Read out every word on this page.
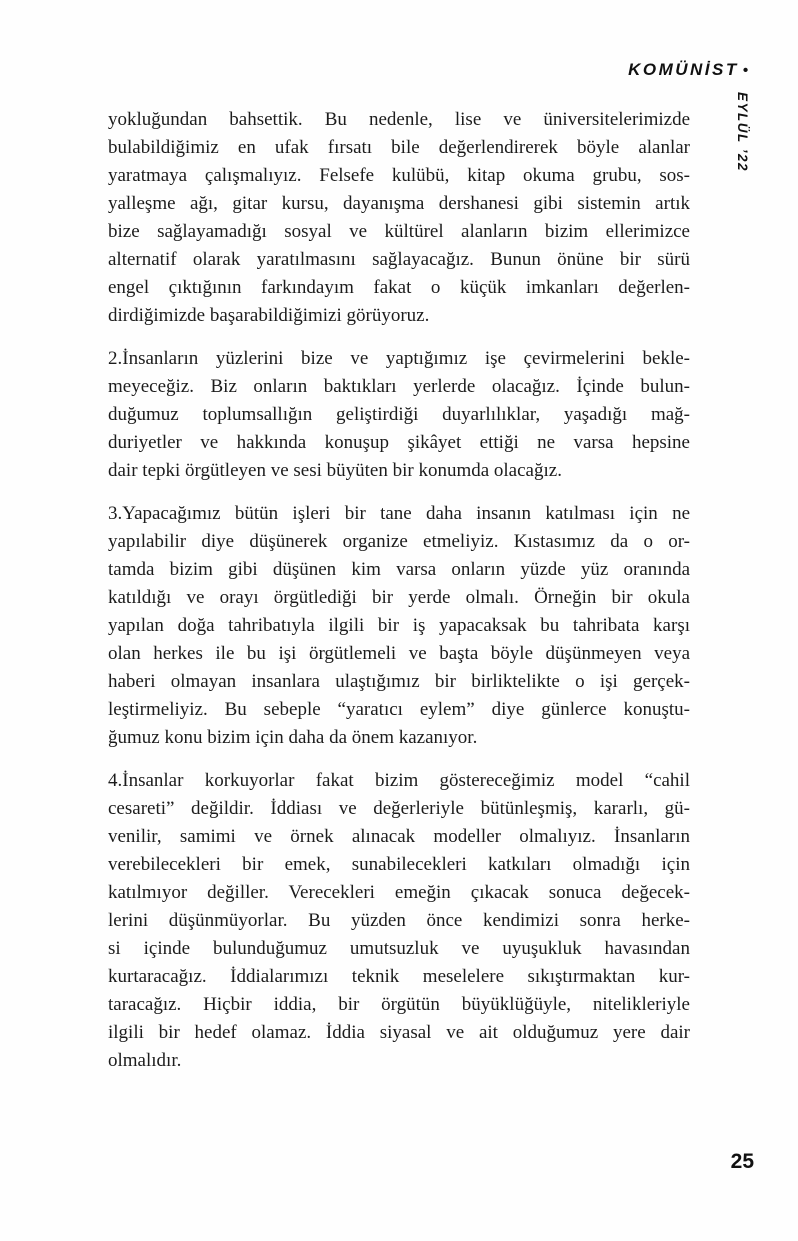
KOMÜNİST •
EYLÜL ’22
yokluğundan bahsettik. Bu nedenle, lise ve üniversitelerimizde
bulabildiğimiz en ufak fırsatı bile değerlendirerek böyle alanlar
yaratmaya çalışmalıyız. Felsefe kulübü, kitap okuma grubu, sos-
yalleşme ağı, gitar kursu, dayanışma dershanesi gibi sistemin artık
bize sağlayamadığı sosyal ve kültürel alanların bizim ellerimizce
alternatif olarak yaratılmasını sağlayacağız. Bunun önüne bir sürü
engel çıktığının farkındayım fakat o küçük imkanları değerlen-
dirdiğimizde başarabildiğimizi görüyoruz.
2.İnsanların yüzlerini bize ve yaptığımız işe çevirmelerini bekle-
meyeceğiz. Biz onların baktıkları yerlerde olacağız. İçinde bulun-
duğumuz toplumsallığın geliştirdiği duyarlılıklar, yaşadığı mağ-
duriyetler ve hakkında konuşup şikâyet ettiği ne varsa hepsine
dair tepki örgütleyen ve sesi büyüten bir konumda olacağız.
3.Yapacağımız bütün işleri bir tane daha insanın katılması için ne
yapılabilir diye düşünerek organize etmeliyiz. Kıstasımız da o or-
tamda bizim gibi düşünen kim varsa onların yüzde yüz oranında
katıldığı ve orayı örgütlediği bir yerde olmalı. Örneğin bir okula
yapılan doğa tahribatıyla ilgili bir iş yapacaksak bu tahribata karşı
olan herkes ile bu işi örgütlemeli ve başta böyle düşünmeyen veya
haberi olmayan insanlara ulaştığımız bir birliktelikte o işi gerçek-
leştirmeliyiz. Bu sebeple “yaratıcı eylem” diye günlerce konuştu-
ğumuz konu bizim için daha da önem kazanıyor.
4.İnsanlar korkuyorlar fakat bizim göstereceğimiz model “cahil
cesareti” değildir. İddiası ve değerleriyle bütünleşmiş, kararlı, gü-
venilir, samimi ve örnek alınacak modeller olmalıyız. İnsanların
verebilecekleri bir emek, sunabilecekleri katkıları olmadığı için
katılmıyor değiller. Verecekleri emeğin çıkacak sonuca değecek-
lerini düşünmüyorlar. Bu yüzden önce kendimizi sonra herke-
si içinde bulunduğumuz umutsuzluk ve uyuşukluk havasından
kurtaracağız. İddialarımızı teknik meselelere sıkıştırmaktan kur-
taracağız. Hiçbir iddia, bir örgütün büyüklüğüyle, nitelikleriyle
ilgili bir hedef olamaz. İddia siyasal ve ait olduğumuz yere dair
olmalıdır.
25
